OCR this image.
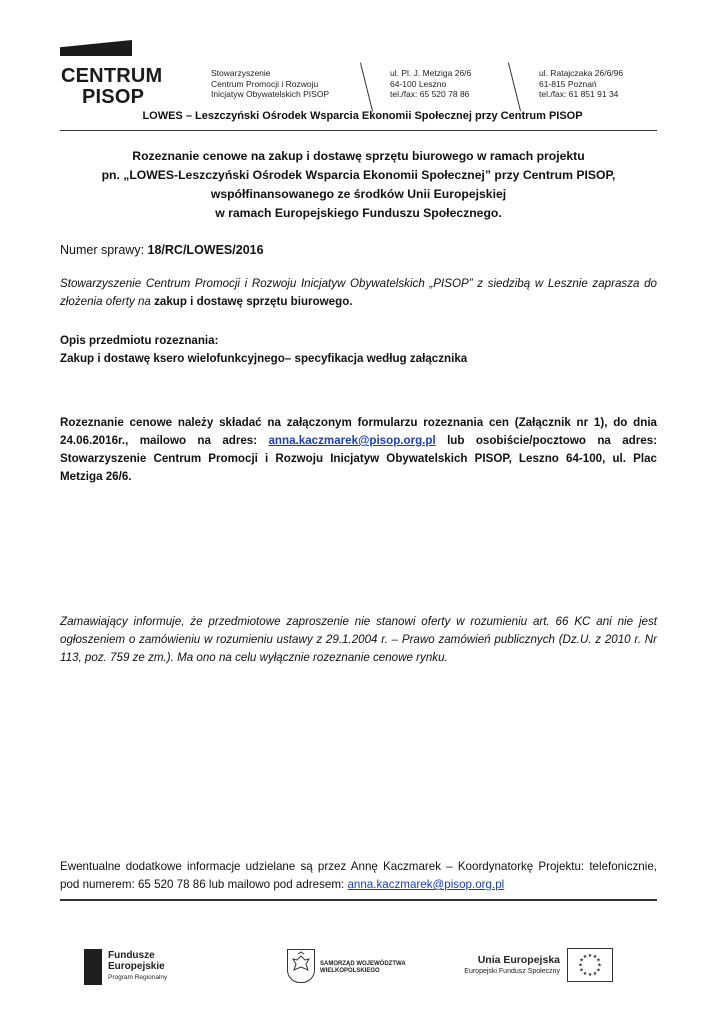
CENTRUM
PISOP
Stowarzyszenie
Centrum Promocji i Rozwoju
Inicjatyw Obywatelskich PISOP
ul. Pl. J. Metziga 26/6
64-100 Leszno
tel./fax: 65 520 78 86
ul. Ratajczaka 26/6/96
61-815 Poznań
tel./fax: 61 851 91 34
LOWES – Leszczyński Ośrodek Wsparcia Ekonomii Społecznej przy Centrum PISOP
Rozeznanie cenowe na zakup i dostawę sprzętu biurowego w ramach projektu
pn. „LOWES-Leszczyński Ośrodek Wsparcia Ekonomii Społecznej” przy Centrum PISOP,
współfinansowanego ze środków Unii Europejskiej
w ramach Europejskiego Funduszu Społecznego.
Numer sprawy: 18/RC/LOWES/2016
Stowarzyszenie Centrum Promocji i Rozwoju Inicjatyw Obywatelskich „PISOP” z siedzibą w Lesznie zaprasza do złożenia oferty na zakup i dostawę sprzętu biurowego.
Opis przedmiotu rozeznania:
Zakup i dostawę ksero wielofunkcyjnego– specyfikacja według załącznika
Rozeznanie cenowe należy składać na załączonym formularzu rozeznania cen (Załącznik nr 1), do dnia 24.06.2016r., mailowo na adres: anna.kaczmarek@pisop.org.pl lub osobiście/pocztowo na adres: Stowarzyszenie Centrum Promocji i Rozwoju Inicjatyw Obywatelskich PISOP, Leszno 64-100, ul. Plac Metziga 26/6.
Zamawiający informuje, że przedmiotowe zaproszenie nie stanowi oferty w rozumieniu art. 66 KC ani nie jest ogłoszeniem o zamówieniu w rozumieniu ustawy z 29.1.2004 r. – Prawo zamówień publicznych (Dz.U. z 2010 r. Nr 113, poz. 759 ze zm.). Ma ono na celu wyłącznie rozeznanie cenowe rynku.
Ewentualne dodatkowe informacje udzielane są przez Annę Kaczmarek – Koordynatorkę Projektu: telefonicznie, pod numerem: 65 520 78 86 lub mailowo pod adresem: anna.kaczmarek@pisop.org.pl
Fundusze
Europejskie
Program Regionalny
SAMORZĄD WOJEWÓDZTWA
WIELKOPOLSKIEGO
Unia Europejska
Europejski Fundusz Społeczny
★ ★
★
★
★
★
★
★
★
★
★
★
